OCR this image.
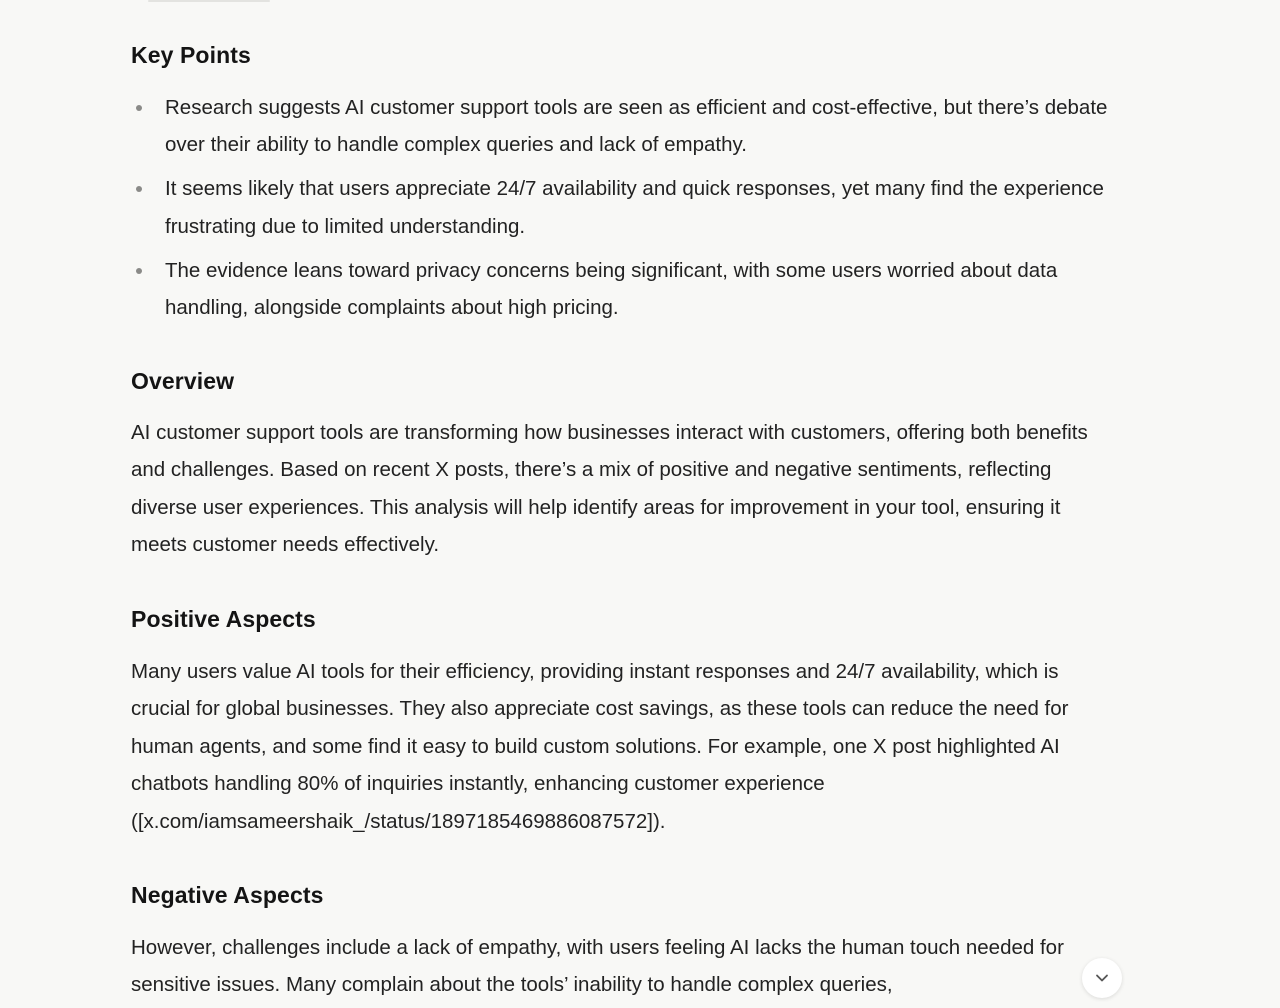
Key Points
Research suggests AI customer support tools are seen as efficient and cost-effective, but there’s debate over their ability to handle complex queries and lack of empathy.
It seems likely that users appreciate 24/7 availability and quick responses, yet many find the experience frustrating due to limited understanding.
The evidence leans toward privacy concerns being significant, with some users worried about data handling, alongside complaints about high pricing.
Overview

AI customer support tools are transforming how businesses interact with customers, offering both benefits and challenges. Based on recent X posts, there’s a mix of positive and negative sentiments, reflecting diverse user experiences. This analysis will help identify areas for improvement in your tool, ensuring it meets customer needs effectively.

Positive Aspects

Many users value AI tools for their efficiency, providing instant responses and 24/7 availability, which is crucial for global businesses. They also appreciate cost savings, as these tools can reduce the need for human agents, and some find it easy to build custom solutions. For example, one X post highlighted AI chatbots handling 80% of inquiries instantly, enhancing customer experience ([x.com/iamsameershaik_/status/1897185469886087572]).

Negative Aspects

However, challenges include a lack of empathy, with users feeling AI lacks the human touch needed for sensitive issues. Many complain about the tools’ inability to handle complex queries,
